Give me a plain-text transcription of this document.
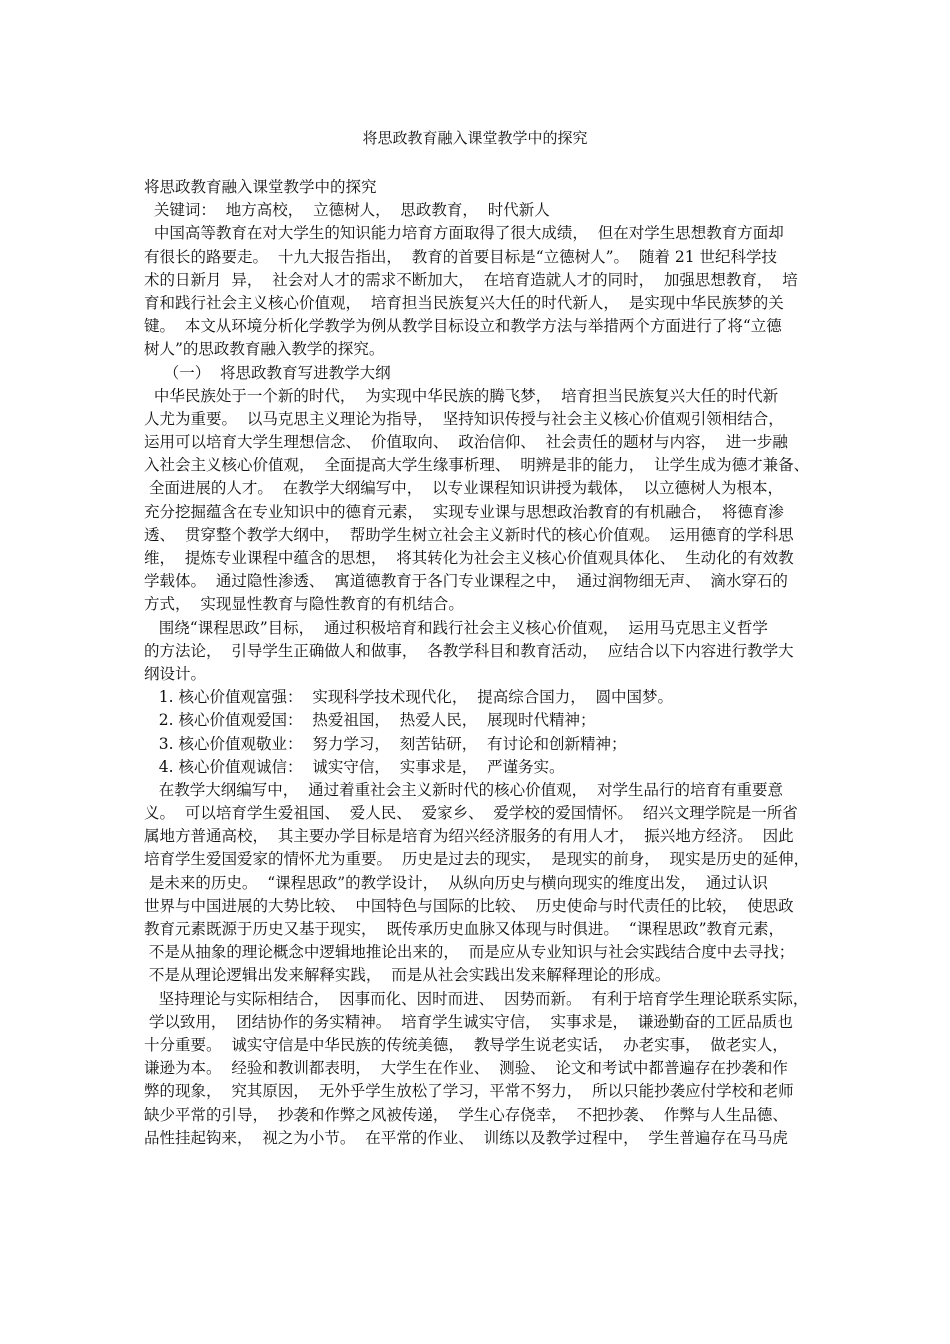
将思政教育融入课堂教学中的探究
将思政教育融入课堂教学中的探究
关键词：  地方高校，  立德树人，  思政教育，  时代新人
中国高等教育在对大学生的知识能力培育方面取得了很大成绩，  但在对学生思想教育方面却
有很长的路要走。  十九大报告指出，  教育的首要目标是“立德树人”。  随着 21 世纪科学技
术的日新月  异，  社会对人才的需求不断加大，  在培育造就人才的同时，  加强思想教育，  培
育和践行社会主义核心价值观，  培育担当民族复兴大任的时代新人，  是实现中华民族梦的关
键。  本文从环境分析化学教学为例从教学目标设立和教学方法与举措两个方面进行了将“立德
树人”的思政教育融入教学的探究。
（一）  将思政教育写进教学大纲
中华民族处于一个新的时代，  为实现中华民族的腾飞梦，  培育担当民族复兴大任的时代新
人尤为重要。  以马克思主义理论为指导，  坚持知识传授与社会主义核心价值观引领相结合，
运用可以培育大学生理想信念、  价值取向、  政治信仰、  社会责任的题材与内容，  进一步融
入社会主义核心价值观，  全面提高大学生缘事析理、  明辨是非的能力，  让学生成为德才兼备、
全面进展的人才。  在教学大纲编写中，  以专业课程知识讲授为载体，  以立德树人为根本，
充分挖掘蕴含在专业知识中的德育元素，  实现专业课与思想政治教育的有机融合，  将德育渗
透、  贯穿整个教学大纲中，  帮助学生树立社会主义新时代的核心价值观。  运用德育的学科思
维，  提炼专业课程中蕴含的思想，  将其转化为社会主义核心价值观具体化、  生动化的有效教
学载体。  通过隐性渗透、  寓道德教育于各门专业课程之中，  通过润物细无声、  滴水穿石的
方式，  实现显性教育与隐性教育的有机结合。
围绕“课程思政”目标，  通过积极培育和践行社会主义核心价值观，  运用马克思主义哲学
的方法论，  引导学生正确做人和做事，  各教学科目和教育活动，  应结合以下内容进行教学大
纲设计。
1. 核心价值观富强：  实现科学技术现代化，  提高综合国力，  圆中国梦。
2. 核心价值观爱国：  热爱祖国，  热爱人民，  展现时代精神；
3. 核心价值观敬业：  努力学习，  刻苦钻研，  有讨论和创新精神；
4. 核心价值观诚信：  诚实守信，  实事求是，  严谨务实。
在教学大纲编写中，  通过着重社会主义新时代的核心价值观，  对学生品行的培育有重要意
义。  可以培育学生爱祖国、  爱人民、  爱家乡、  爱学校的爱国情怀。  绍兴文理学院是一所省
属地方普通高校，  其主要办学目标是培育为绍兴经济服务的有用人才，  振兴地方经济。  因此
培育学生爱国爱家的情怀尤为重要。  历史是过去的现实，  是现实的前身，  现实是历史的延伸，
是未来的历史。  “课程思政”的教学设计，  从纵向历史与横向现实的维度出发，  通过认识
世界与中国进展的大势比较、  中国特色与国际的比较、  历史使命与时代责任的比较，  使思政
教育元素既源于历史又基于现实，  既传承历史血脉又体现与时俱进。  “课程思政”教育元素，
不是从抽象的理论概念中逻辑地推论出来的，  而是应从专业知识与社会实践结合度中去寻找；
不是从理论逻辑出发来解释实践，  而是从社会实践出发来解释理论的形成。
坚持理论与实际相结合，  因事而化、因时而进、  因势而新。  有利于培育学生理论联系实际，
学以致用，  团结协作的务实精神。  培育学生诚实守信，  实事求是，  谦逊勤奋的工匠品质也
十分重要。  诚实守信是中华民族的传统美德，  教导学生说老实话，  办老实事，  做老实人，
谦逊为本。  经验和教训都表明，  大学生在作业、  测验、  论文和考试中都普遍存在抄袭和作
弊的现象，  究其原因，  无外乎学生放松了学习，平常不努力，  所以只能抄袭应付学校和老师
缺少平常的引导，  抄袭和作弊之风被传递，  学生心存侥幸，  不把抄袭、  作弊与人生品德、
品性挂起钩来，  视之为小节。  在平常的作业、  训练以及教学过程中，  学生普遍存在马马虎
